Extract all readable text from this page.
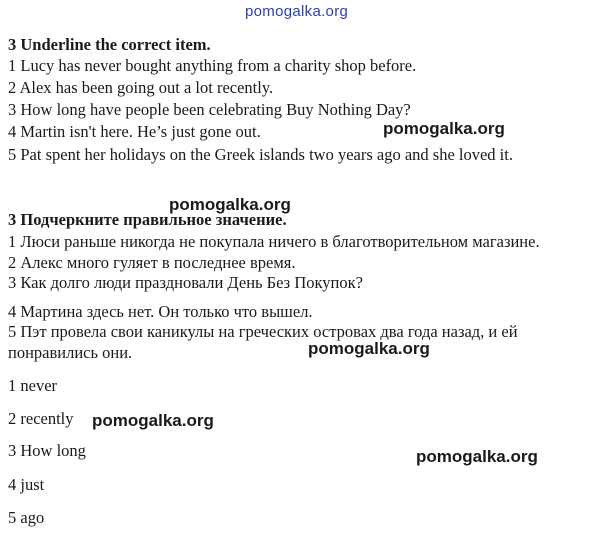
pomogalka.org
3 Underline the correct item.
1 Lucy has never bought anything from a charity shop before.
2 Alex has been going out a lot recently.
3 How long have people been celebrating Buy Nothing Day?
4 Martin isn't here. He’s just gone out.
5 Pat spent her holidays on the Greek islands two years ago and she loved it.
pomogalka.org
pomogalka.org
pomogalka.org
pomogalka.org
pomogalka.org
3 Подчеркните правильное значение.
1 Люси раньше никогда не покупала ничего в благотворительном магазине.
2 Алекс много гуляет в последнее время.
3 Как долго люди праздновали День Без Покупок?
4 Мартина здесь нет. Он только что вышел.
5 Пэт провела свои каникулы на греческих островах два года назад, и ей
понравились они.
1 never
2 recently
3 How long
4 just
5 ago
